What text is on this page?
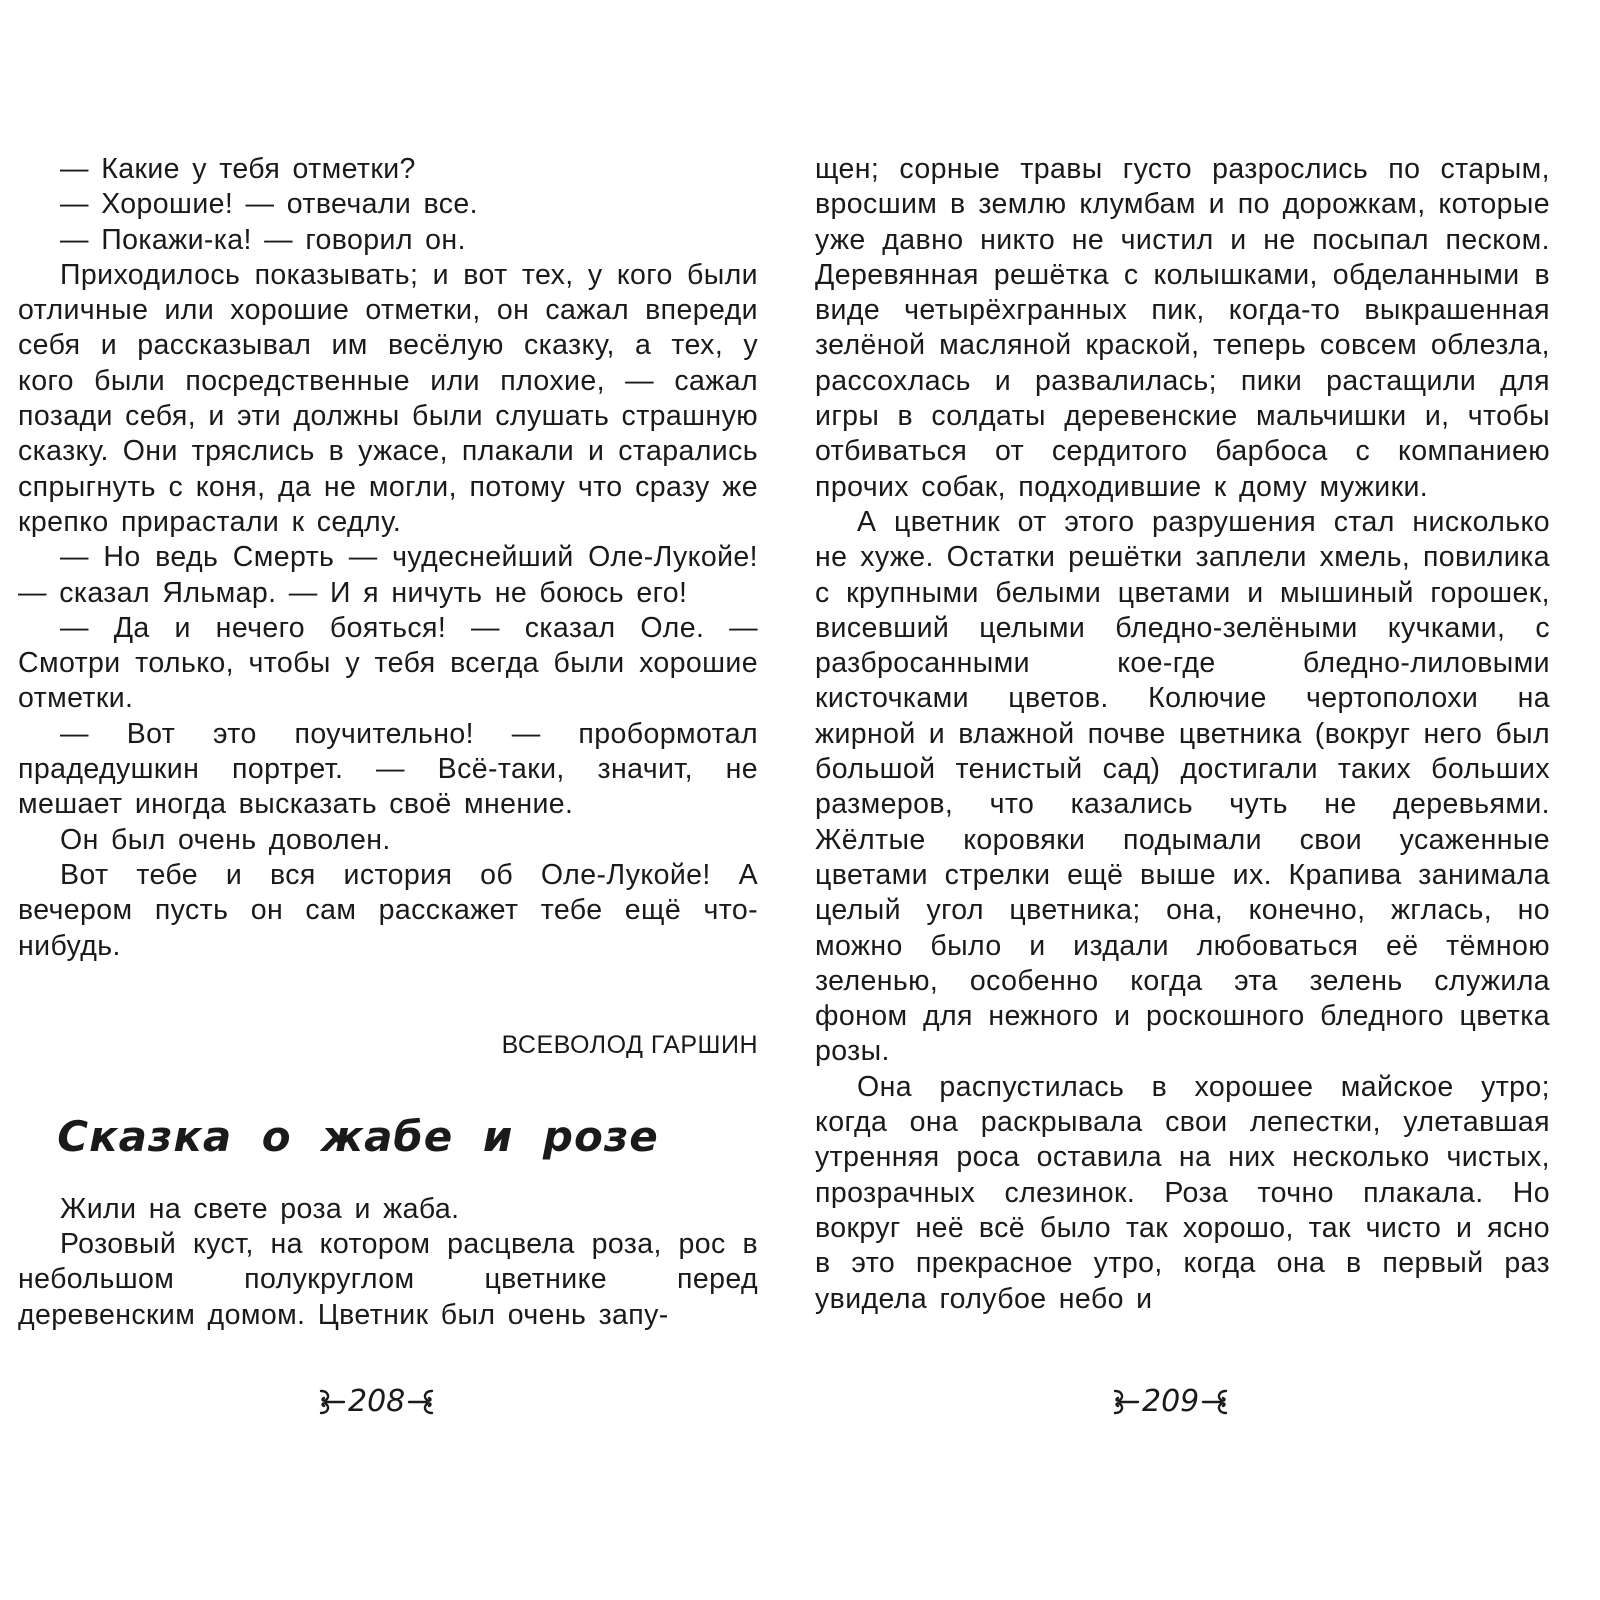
— Какие у тебя отметки?

— Хорошие! — отвечали все.

— Покажи-ка! — говорил он.

Приходилось показывать; и вот тех, у кого были отличные или хорошие отметки, он сажал впереди себя и рассказывал им весёлую сказку, а тех, у кого были посредственные или плохие, — сажал позади себя, и эти должны были слушать страшную сказку. Они тряслись в ужасе, плакали и старались спрыгнуть с коня, да не могли, потому что сразу же крепко прирастали к седлу.

— Но ведь Смерть — чудеснейший Оле-Лукойе! — сказал Яльмар. — И я ничуть не боюсь его!

— Да и нечего бояться! — сказал Оле. — Смотри только, чтобы у тебя всегда были хорошие отметки.

— Вот это поучительно! — пробормотал прадедушкин портрет. — Всё-таки, значит, не мешает иногда высказать своё мнение.

Он был очень доволен.

Вот тебе и вся история об Оле-Лукойе! А вечером пусть он сам расскажет тебе ещё что-нибудь.

ВСЕВОЛОД ГАРШИН
Сказка о жабе и розе

Жили на свете роза и жаба.

Розовый куст, на котором расцвела роза, рос в небольшом полукруглом цветнике перед деревенским домом. Цветник был очень запу-

щен; сорные травы густо разрослись по старым, вросшим в землю клумбам и по дорожкам, которые уже давно никто не чистил и не посыпал песком. Деревянная решётка с колышками, обделанными в виде четырёхгранных пик, когда-то выкрашенная зелёной масляной краской, теперь совсем облезла, рассохлась и развалилась; пики растащили для игры в солдаты деревенские мальчишки и, чтобы отбиваться от сердитого барбоса с компаниею прочих собак, подходившие к дому мужики.

А цветник от этого разрушения стал нисколько не хуже. Остатки решётки заплели хмель, повилика с крупными белыми цветами и мышиный горошек, висевший целыми бледно-зелёными кучками, с разбросанными кое-где бледно-лиловыми кисточками цветов. Колючие чертополохи на жирной и влажной почве цветника (вокруг него был большой тенистый сад) достигали таких больших размеров, что казались чуть не деревьями. Жёлтые коровяки подымали свои усаженные цветами стрелки ещё выше их. Крапива занимала целый угол цветника; она, конечно, жглась, но можно было и издали любоваться её тёмною зеленью, особенно когда эта зелень служила фоном для нежного и роскошного бледного цветка розы.

Она распустилась в хорошее майское утро; когда она раскрывала свои лепестки, улетавшая утренняя роса оставила на них несколько чистых, прозрачных слезинок. Роза точно плакала. Но вокруг неё всё было так хорошо, так чисто и ясно в это прекрасное утро, когда она в первый раз увидела голубое небо и

208	209
